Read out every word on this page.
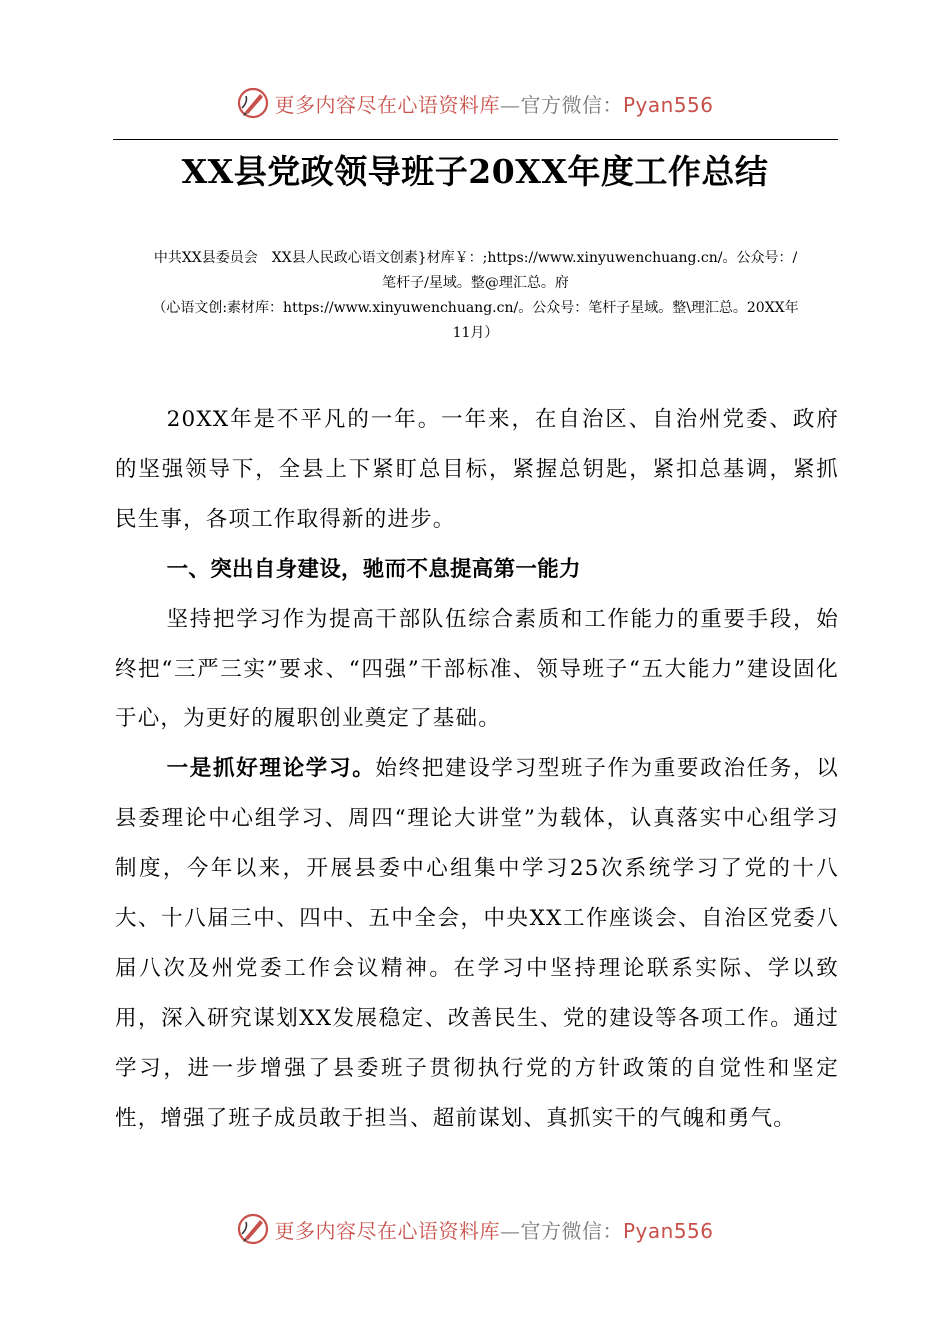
更多内容尽在心语资料库—官方微信：Pyan556
XX县党政领导班子20XX年度工作总结
中共XX县委员会　XX县人民政心语文创素}材库￥：;https://www.xinyuwenchuang.cn/。公众号：/
笔杆子/星域。整@理汇总。府
（心语文创:素材库：https://www.xinyuwenchuang.cn/。公众号：笔杆子星域。整\理汇总。20XX年
11月）

20XX年是不平凡的一年。一年来，在自治区、自治州党委、政府的坚强领导下，全县上下紧盯总目标，紧握总钥匙，紧扣总基调，紧抓民生事，各项工作取得新的进步。

一、突出自身建设，驰而不息提高第一能力

坚持把学习作为提高干部队伍综合素质和工作能力的重要手段，始终把“三严三实”要求、“四强”干部标准、领导班子“五大能力”建设固化于心，为更好的履职创业奠定了基础。

一是抓好理论学习。始终把建设学习型班子作为重要政治任务，以县委理论中心组学习、周四“理论大讲堂”为载体，认真落实中心组学习制度，今年以来，开展县委中心组集中学习25次系统学习了党的十八大、十八届三中、四中、五中全会，中央XX工作座谈会、自治区党委八届八次及州党委工作会议精神。在学习中坚持理论联系实际、学以致用，深入研究谋划XX发展稳定、改善民生、党的建设等各项工作。通过学习，进一步增强了县委班子贯彻执行党的方针政策的自觉性和坚定性，增强了班子成员敢于担当、超前谋划、真抓实干的气魄和勇气。

更多内容尽在心语资料库—官方微信：Pyan556
